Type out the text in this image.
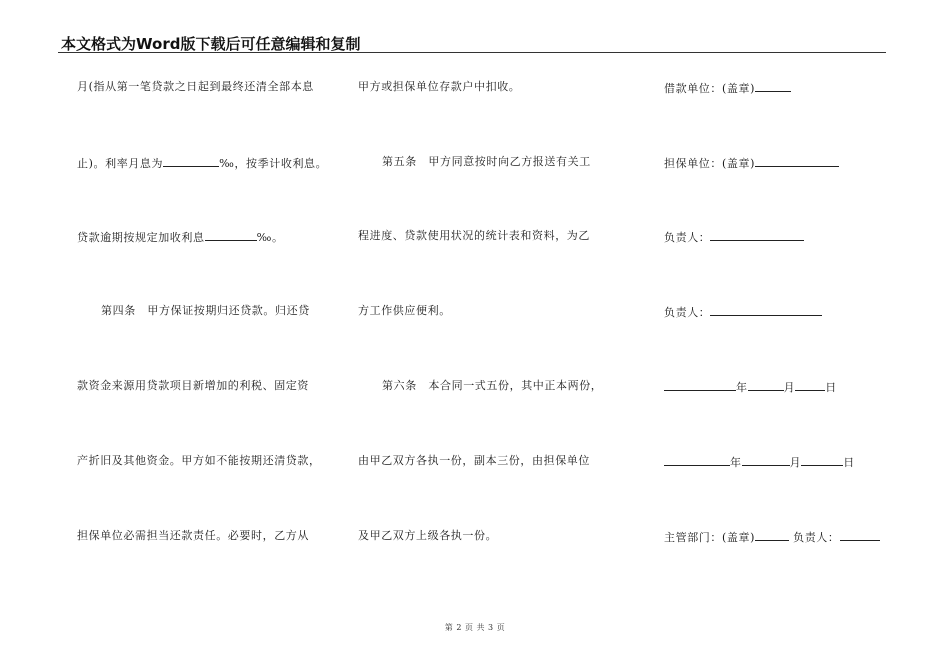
本文格式为Word版下载后可任意编辑和复制
月(指从第一笔贷款之日起到最终还清全部本息
止)。利率月息为	‰，按季计收利息。
贷款逾期按规定加收利息	‰。
第四条　甲方保证按期归还贷款。归还贷
款资金来源用贷款项目新增加的利税、固定资
产折旧及其他资金。甲方如不能按期还清贷款，
担保单位必需担当还款责任。必要时，乙方从
甲方或担保单位存款户中扣收。
第五条　甲方同意按时向乙方报送有关工
程进度、贷款使用状况的统计表和资料，为乙
方工作供应便利。
第六条　本合同一式五份，其中正本两份，
由甲乙双方各执一份，副本三份，由担保单位
及甲乙双方上级各执一份。
借款单位：(盖章)
担保单位：(盖章)
负责人：
负责人：
年	月	日
年	月	日
主管部门：(盖章)	负责人：
第 2 页 共 3 页
